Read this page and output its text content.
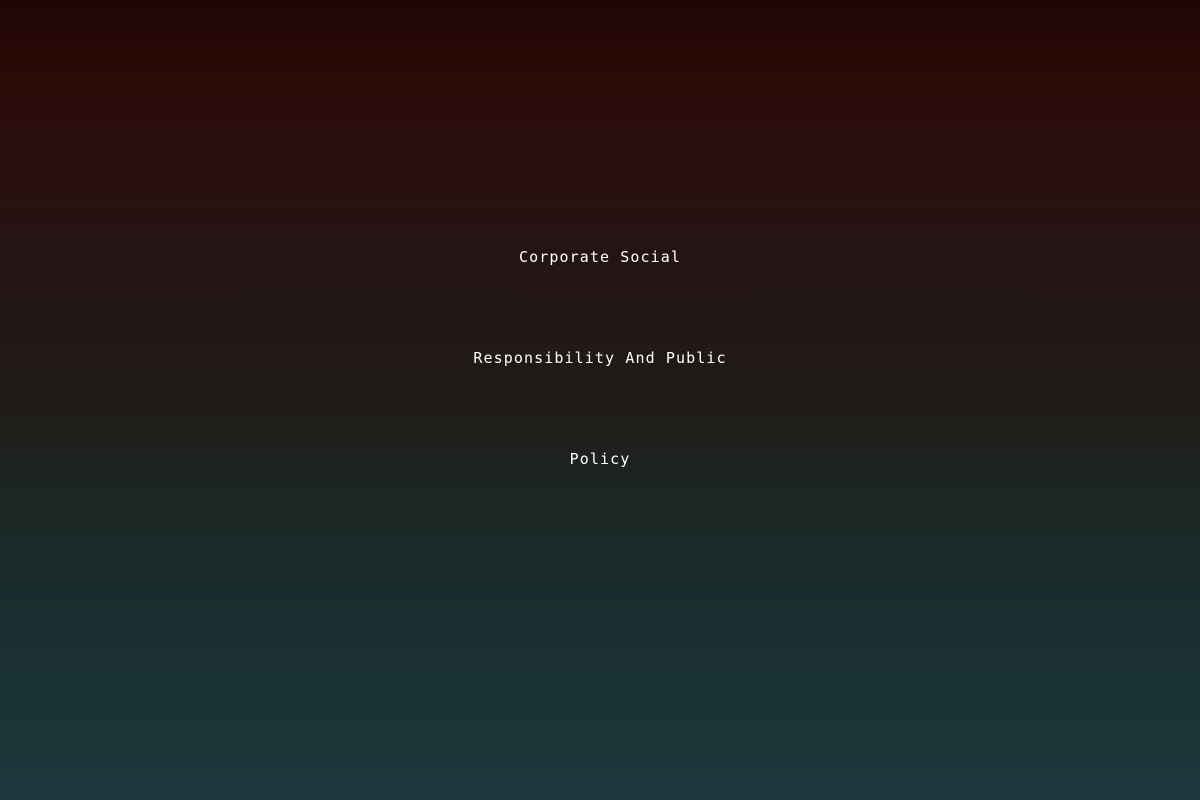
Corporate Social
Responsibility And Public
Policy
